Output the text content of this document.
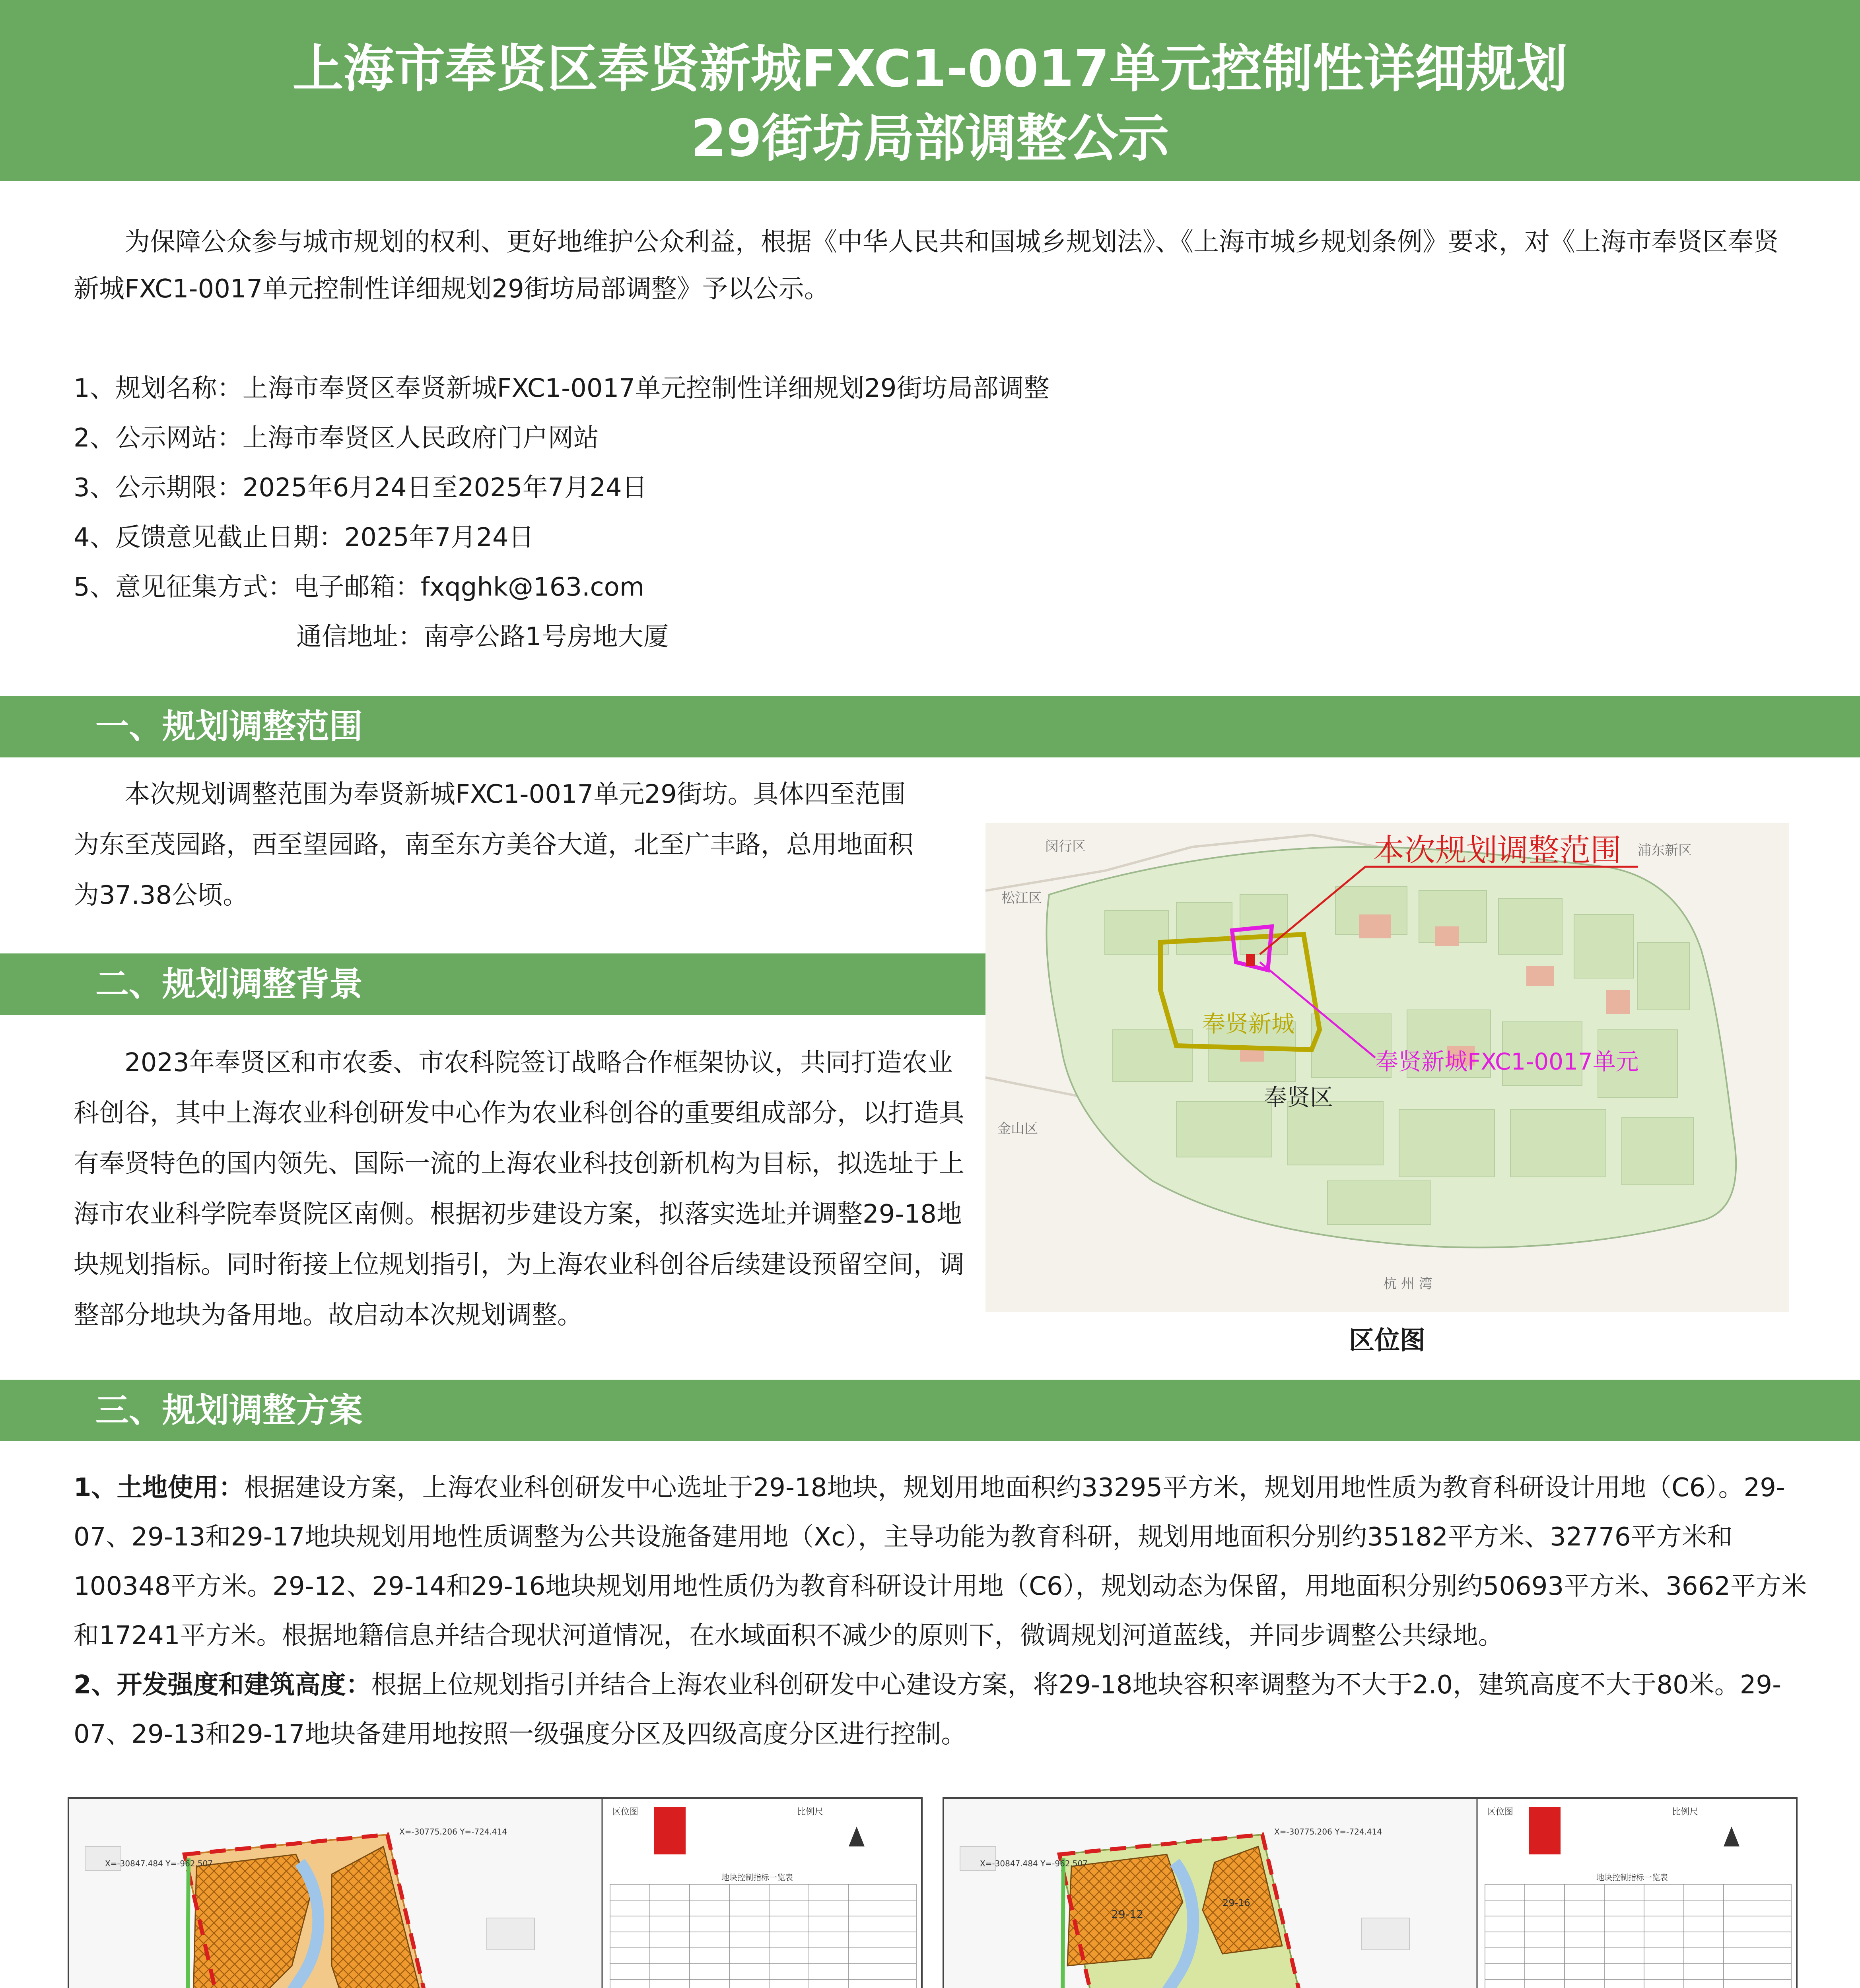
上海市奉贤区奉贤新城FXC1-0017单元控制性详细规划
29街坊局部调整公示

为保障公众参与城市规划的权利、更好地维护公众利益，根据《中华人民共和国城乡规划法》、《上海市城乡规划条例》要求，对《上海市奉贤区奉贤新城FXC1-0017单元控制性详细规划29街坊局部调整》予以公示。

1、规划名称：上海市奉贤区奉贤新城FXC1-0017单元控制性详细规划29街坊局部调整
2、公示网站：上海市奉贤区人民政府门户网站
3、公示期限：2025年6月24日至2025年7月24日
4、反馈意见截止日期：2025年7月24日
5、意见征集方式：电子邮箱：fxqghk@163.com
通信地址：南亭公路1号房地大厦
一、规划调整范围

本次规划调整范围为奉贤新城FXC1-0017单元29街坊。具体四至范围为东至茂园路，西至望园路，南至东方美谷大道，北至广丰路，总用地面积为37.38公顷。

二、规划调整背景

2023年奉贤区和市农委、市农科院签订战略合作框架协议，共同打造农业科创谷，其中上海农业科创研发中心作为农业科创谷的重要组成部分，以打造具有奉贤特色的国内领先、国际一流的上海农业科技创新机构为目标，拟选址于上海市农业科学院奉贤院区南侧。根据初步建设方案，拟落实选址并调整29-18地块规划指标。同时衔接上位规划指引，为上海农业科创谷后续建设预留空间，调整部分地块为备用地。故启动本次规划调整。

本次规划调整范围
奉贤新城
奉贤新城FXC1-0017单元
奉贤区
闵行区	浦东新区
松江区
金山区
杭 州 湾
区位图
三、规划调整方案

1、土地使用：根据建设方案，上海农业科创研发中心选址于29-18地块，规划用地面积约33295平方米，规划用地性质为教育科研设计用地（C6）。29-07、29-13和29-17地块规划用地性质调整为公共设施备建用地（Xc），主导功能为教育科研，规划用地面积分别约35182平方米、32776平方米和100348平方米。29-12、29-14和29-16地块规划用地性质仍为教育科研设计用地（C6），规划动态为保留，用地面积分别约50693平方米、3662平方米和17241平方米。根据地籍信息并结合现状河道情况，在水域面积不减少的原则下，微调规划河道蓝线，并同步调整公共绿地。

2、开发强度和建筑高度：根据上位规划指引并结合上海农业科创研发中心建设方案，将29-18地块容积率调整为不大于2.0，建筑高度不大于80米。29-07、29-13和29-17地块备建用地按照一级强度分区及四级高度分区进行控制。

X=-30847.484 Y=-962.507
X=-30775.206 Y=-724.414
区位图	比例尺
地块控制指标一览表
29-12
29-16
X=-30847.484 Y=-962.507
X=-30775.206 Y=-724.414
区位图	比例尺
地块控制指标一览表
